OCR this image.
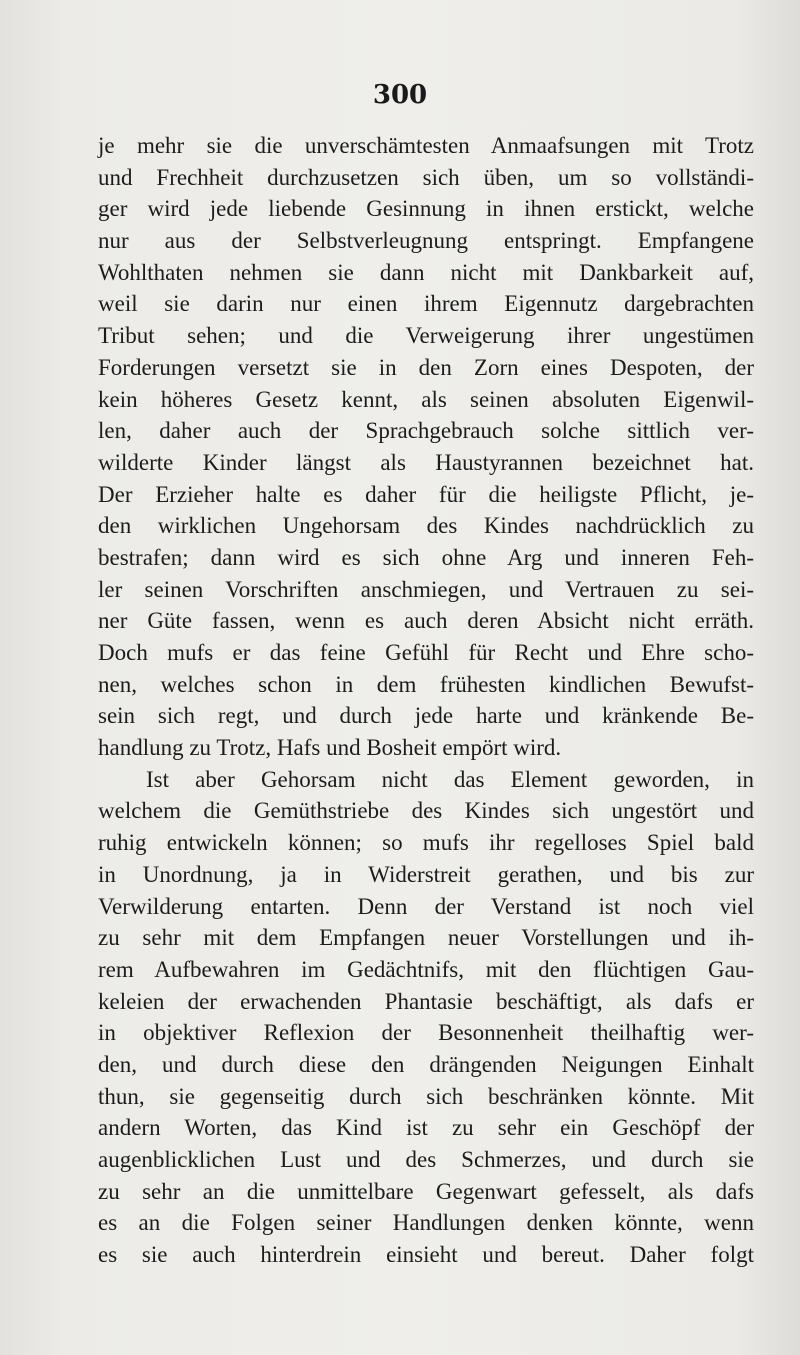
300
je mehr sie die unverschämtesten Anmaafsungen mit Trotz
und Frechheit durchzusetzen sich üben, um so vollständi-
ger wird jede liebende Gesinnung in ihnen erstickt, welche
nur aus der Selbstverleugnung entspringt. Empfangene
Wohlthaten nehmen sie dann nicht mit Dankbarkeit auf,
weil sie darin nur einen ihrem Eigennutz dargebrachten
Tribut sehen; und die Verweigerung ihrer ungestümen
Forderungen versetzt sie in den Zorn eines Despoten, der
kein höheres Gesetz kennt, als seinen absoluten Eigenwil-
len, daher auch der Sprachgebrauch solche sittlich ver-
wilderte Kinder längst als Haustyrannen bezeichnet hat.
Der Erzieher halte es daher für die heiligste Pflicht, je-
den wirklichen Ungehorsam des Kindes nachdrücklich zu
bestrafen; dann wird es sich ohne Arg und inneren Feh-
ler seinen Vorschriften anschmiegen, und Vertrauen zu sei-
ner Güte fassen, wenn es auch deren Absicht nicht erräth.
Doch mufs er das feine Gefühl für Recht und Ehre scho-
nen, welches schon in dem frühesten kindlichen Bewufst-
sein sich regt, und durch jede harte und kränkende Be-
handlung zu Trotz, Hafs und Bosheit empört wird.
Ist aber Gehorsam nicht das Element geworden, in
welchem die Gemüthstriebe des Kindes sich ungestört und
ruhig entwickeln können; so mufs ihr regelloses Spiel bald
in Unordnung, ja in Widerstreit gerathen, und bis zur
Verwilderung entarten. Denn der Verstand ist noch viel
zu sehr mit dem Empfangen neuer Vorstellungen und ih-
rem Aufbewahren im Gedächtnifs, mit den flüchtigen Gau-
keleien der erwachenden Phantasie beschäftigt, als dafs er
in objektiver Reflexion der Besonnenheit theilhaftig wer-
den, und durch diese den drängenden Neigungen Einhalt
thun, sie gegenseitig durch sich beschränken könnte. Mit
andern Worten, das Kind ist zu sehr ein Geschöpf der
augenblicklichen Lust und des Schmerzes, und durch sie
zu sehr an die unmittelbare Gegenwart gefesselt, als dafs
es an die Folgen seiner Handlungen denken könnte, wenn
es sie auch hinterdrein einsieht und bereut. Daher folgt
